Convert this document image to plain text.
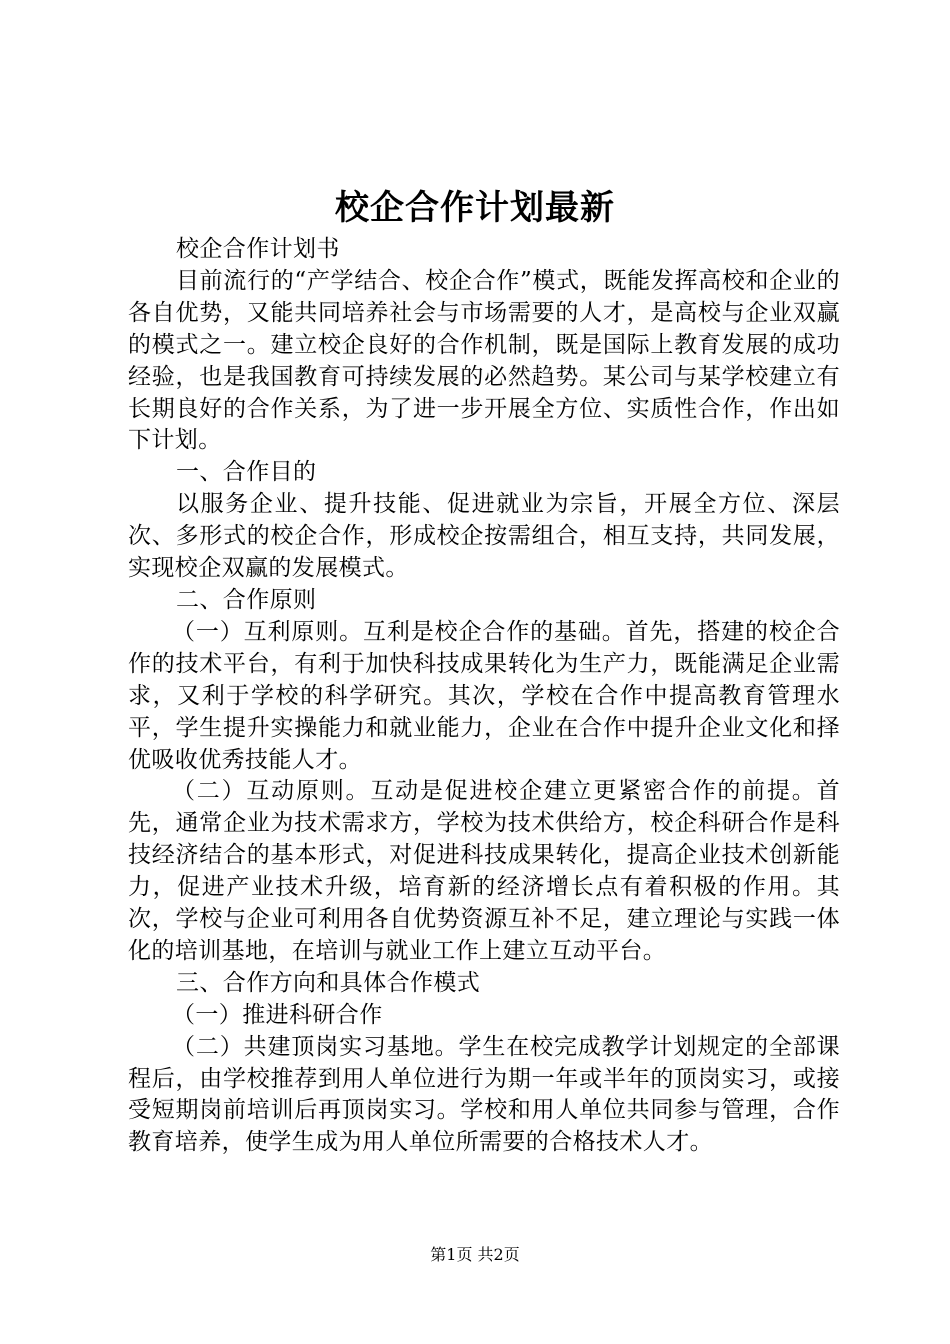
校企合作计划最新

校企合作计划书

目前流行的“产学结合、校企合作”模式，既能发挥高校和企业的各自优势，又能共同培养社会与市场需要的人才，是高校与企业双赢的模式之一。建立校企良好的合作机制，既是国际上教育发展的成功经验，也是我国教育可持续发展的必然趋势。某公司与某学校建立有长期良好的合作关系，为了进一步开展全方位、实质性合作，作出如下计划。

一、合作目的

以服务企业、提升技能、促进就业为宗旨，开展全方位、深层次、多形式的校企合作，形成校企按需组合，相互支持，共同发展，实现校企双赢的发展模式。

二、合作原则

（一）互利原则。互利是校企合作的基础。首先，搭建的校企合作的技术平台，有利于加快科技成果转化为生产力，既能满足企业需求，又利于学校的科学研究。其次，学校在合作中提高教育管理水平，学生提升实操能力和就业能力，企业在合作中提升企业文化和择优吸收优秀技能人才。

（二）互动原则。互动是促进校企建立更紧密合作的前提。首先，通常企业为技术需求方，学校为技术供给方，校企科研合作是科技经济结合的基本形式，对促进科技成果转化，提高企业技术创新能力，促进产业技术升级，培育新的经济增长点有着积极的作用。其次，学校与企业可利用各自优势资源互补不足，建立理论与实践一体化的培训基地，在培训与就业工作上建立互动平台。

三、合作方向和具体合作模式

（一）推进科研合作

（二）共建顶岗实习基地。学生在校完成教学计划规定的全部课程后，由学校推荐到用人单位进行为期一年或半年的顶岗实习，或接受短期岗前培训后再顶岗实习。学校和用人单位共同参与管理，合作教育培养，使学生成为用人单位所需要的合格技术人才。

第1页 共2页
